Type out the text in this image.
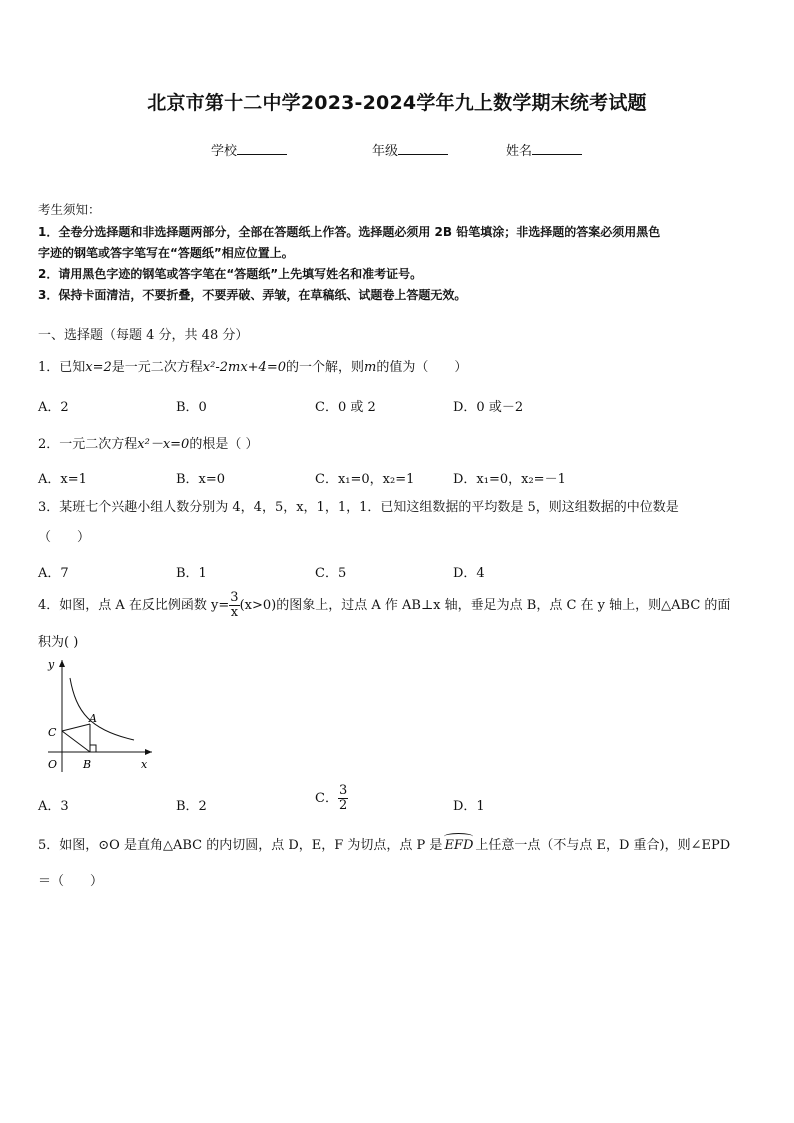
北京市第十二中学2023-2024学年九上数学期末统考试题
学校	年级	姓名
考生须知：
1．全卷分选择题和非选择题两部分，全部在答题纸上作答。选择题必须用 2B 铅笔填涂；非选择题的答案必须用黑色
字迹的钢笔或答字笔写在“答题纸”相应位置上。
2．请用黑色字迹的钢笔或答字笔在“答题纸”上先填写姓名和准考证号。
3．保持卡面清洁，不要折叠，不要弄破、弄皱，在草稿纸、试题卷上答题无效。
一、选择题（每题 4 分，共 48 分）
1．已知x=2是一元二次方程x²-2mx+4=0的一个解，则m的值为（　　）
A．2	B．0	C．0 或 2	D．0 或－2
2．一元二次方程x²－x=0的根是（ ）
A．x=1	B．x=0	C．x₁=0，x₂=1	D．x₁=0，x₂=－1
3．某班七个兴趣小组人数分别为 4，4，5，x，1，1，1．已知这组数据的平均数是 5，则这组数据的中位数是
（　　）
A．7	B．1	C．5	D．4
4．如图，点 A 在反比例函数 $y= \frac{3}{x} (x>0)$的图象上，过点 A 作 AB⊥x 轴，垂足为点 B，点 C 在 y 轴上，则△ABC 的面
积为( )
y
A
C
O B	x
A．3	B．2
C． $\frac{3}{2}$	D．1
5．如图，⊙O 是直角△ABC 的内切圆，点 D，E，F 为切点，点 P 是 EFD 上任意一点（不与点 E，D 重合)，则∠EPD
＝（　　）
